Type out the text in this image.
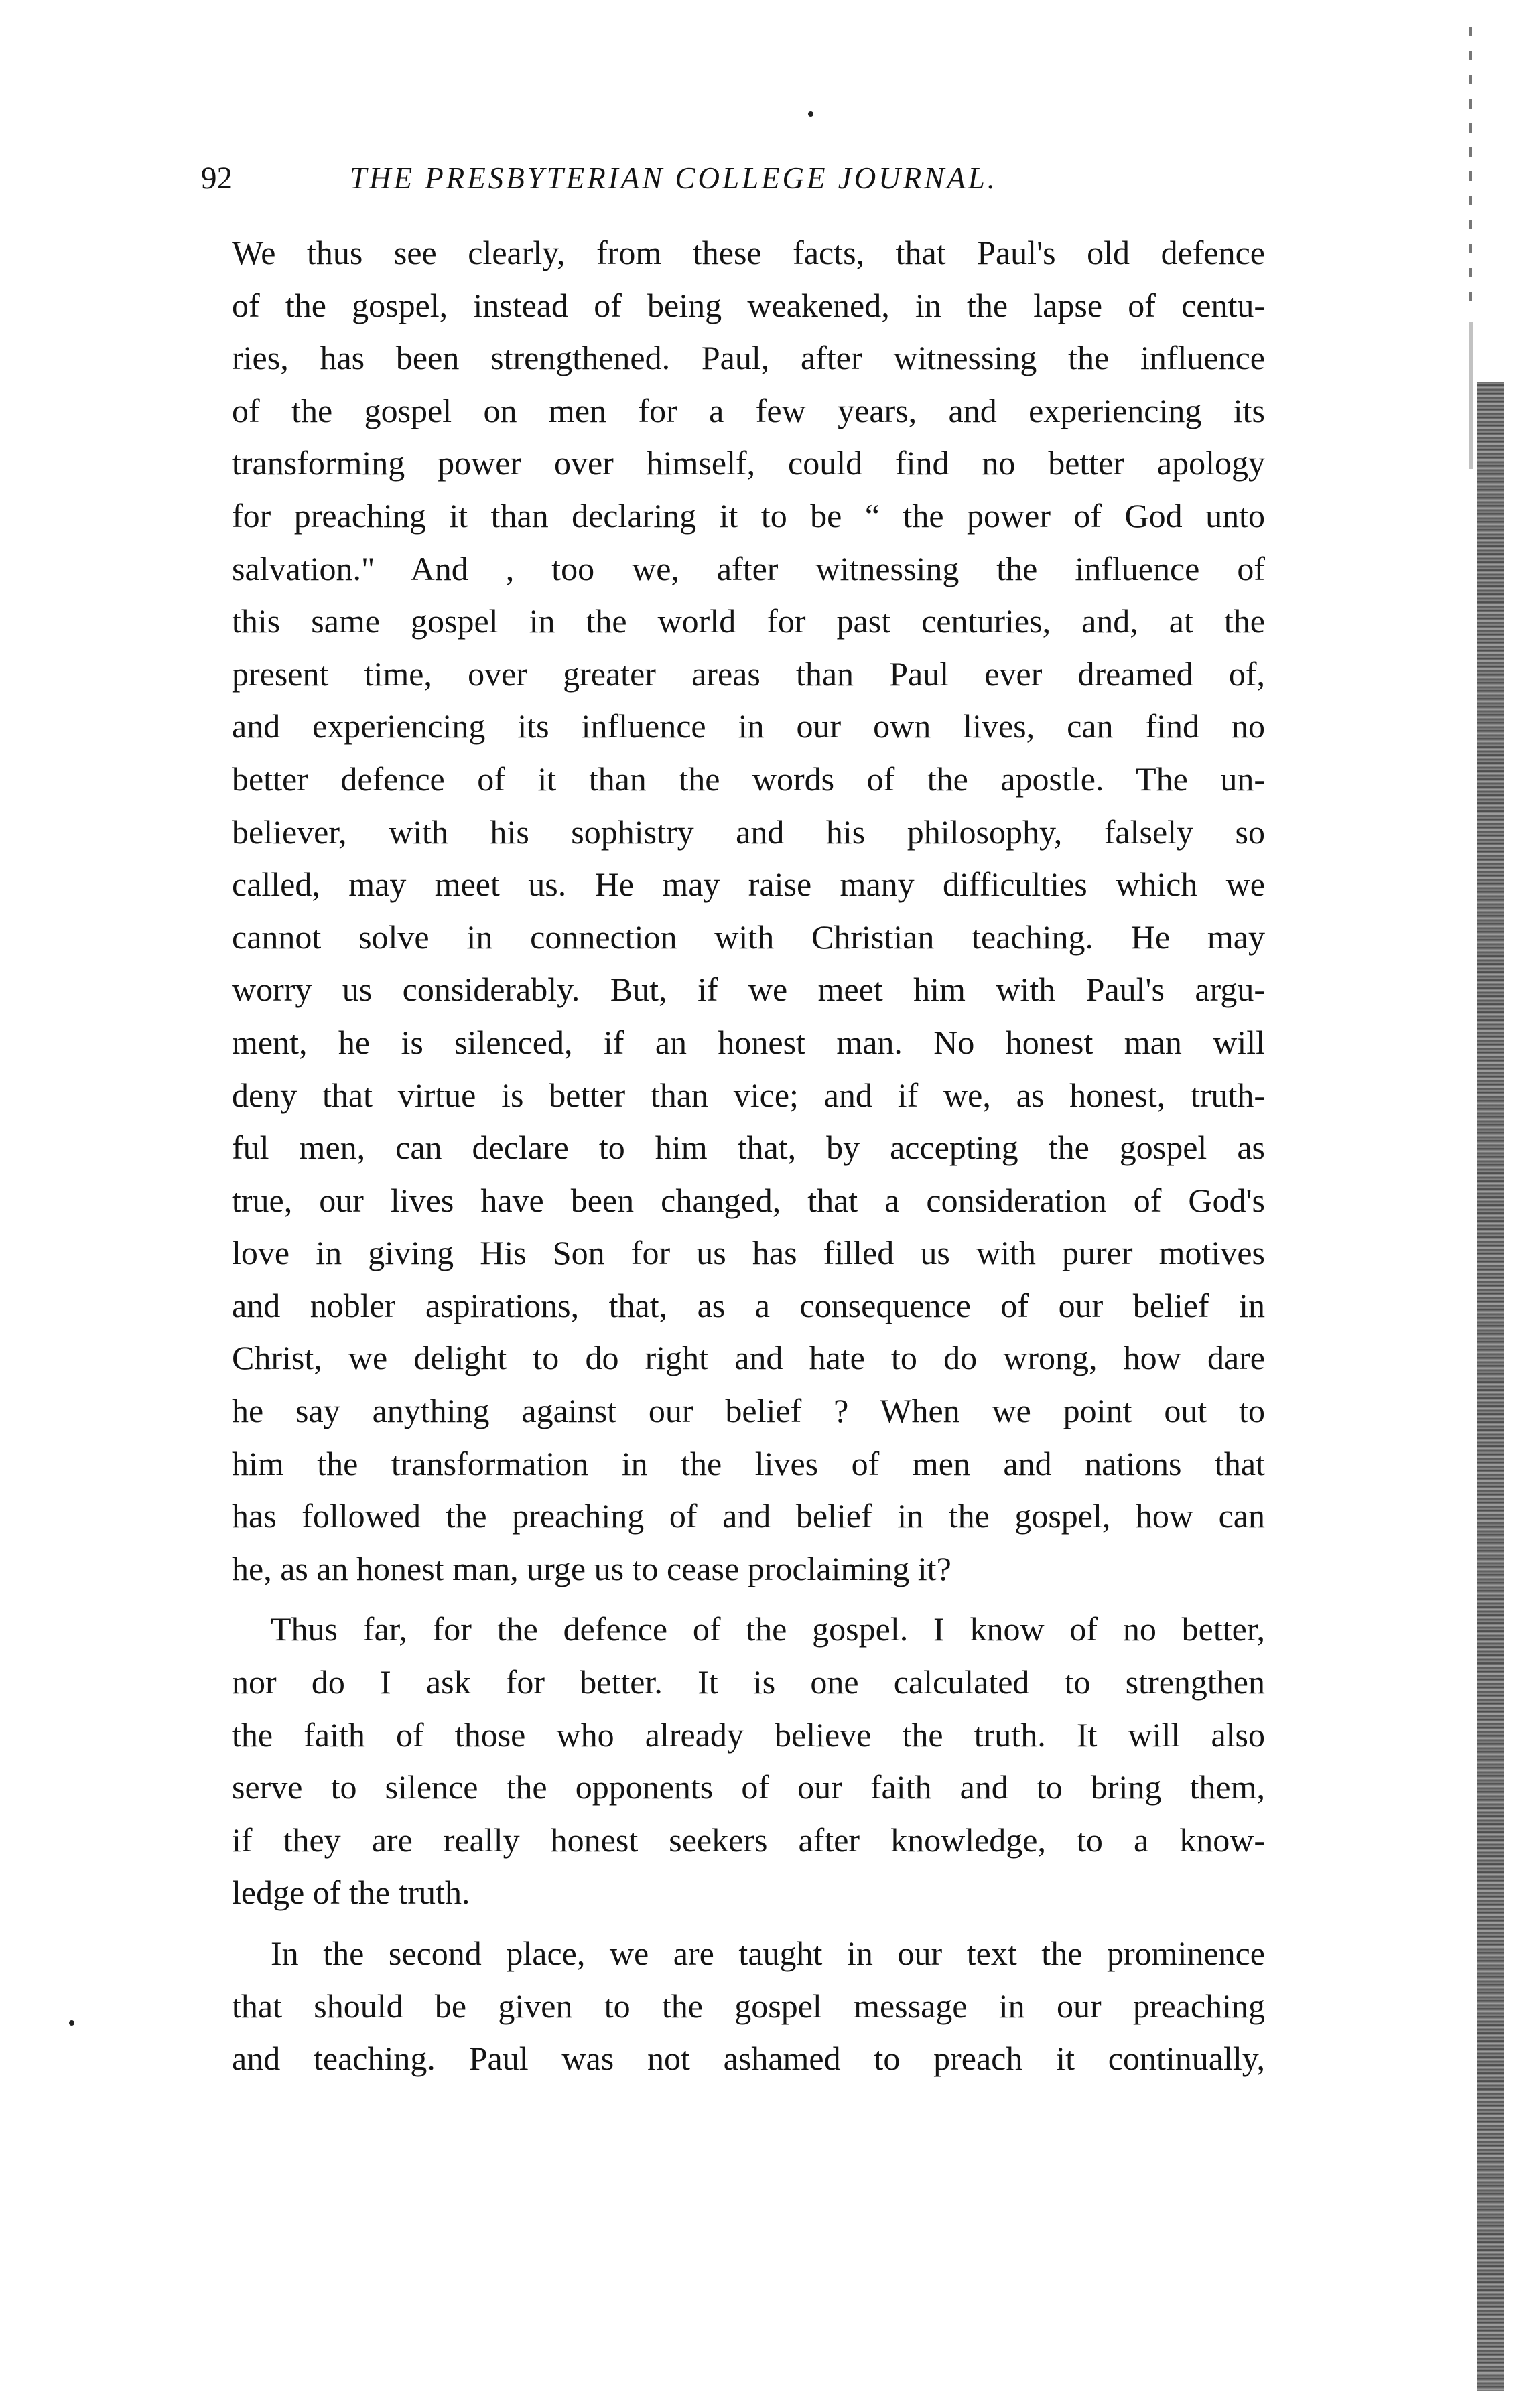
92	THE PRESBYTERIAN COLLEGE JOURNAL.
We thus see clearly, from these facts, that Paul's old defence
of the gospel, instead of being weakened, in the lapse of centu-
ries, has been strengthened. Paul, after witnessing the influence
of the gospel on men for a few years, and experiencing its
transforming power over himself, could find no better apology
for preaching it than declaring it to be “ the power of God unto
salvation." And , too we, after witnessing the influence of
this same gospel in the world for past centuries, and, at the
present time, over greater areas than Paul ever dreamed of,
and experiencing its influence in our own lives, can find no
better defence of it than the words of the apostle. The un-
believer, with his sophistry and his philosophy, falsely so
called, may meet us. He may raise many difficulties which we
cannot solve in connection with Christian teaching. He may
worry us considerably. But, if we meet him with Paul's argu-
ment, he is silenced, if an honest man. No honest man will
deny that virtue is better than vice; and if we, as honest, truth-
ful men, can declare to him that, by accepting the gospel as
true, our lives have been changed, that a consideration of God's
love in giving His Son for us has filled us with purer motives
and nobler aspirations, that, as a consequence of our belief in
Christ, we delight to do right and hate to do wrong, how dare
he say anything against our belief ? When we point out to
him the transformation in the lives of men and nations that
has followed the preaching of and belief in the gospel, how can
he, as an honest man, urge us to cease proclaiming it?
Thus far, for the defence of the gospel. I know of no better,
nor do I ask for better. It is one calculated to strengthen
the faith of those who already believe the truth. It will also
serve to silence the opponents of our faith and to bring them,
if they are really honest seekers after knowledge, to a know-
ledge of the truth.
In the second place, we are taught in our text the prominence
that should be given to the gospel message in our preaching
and teaching. Paul was not ashamed to preach it continually,
